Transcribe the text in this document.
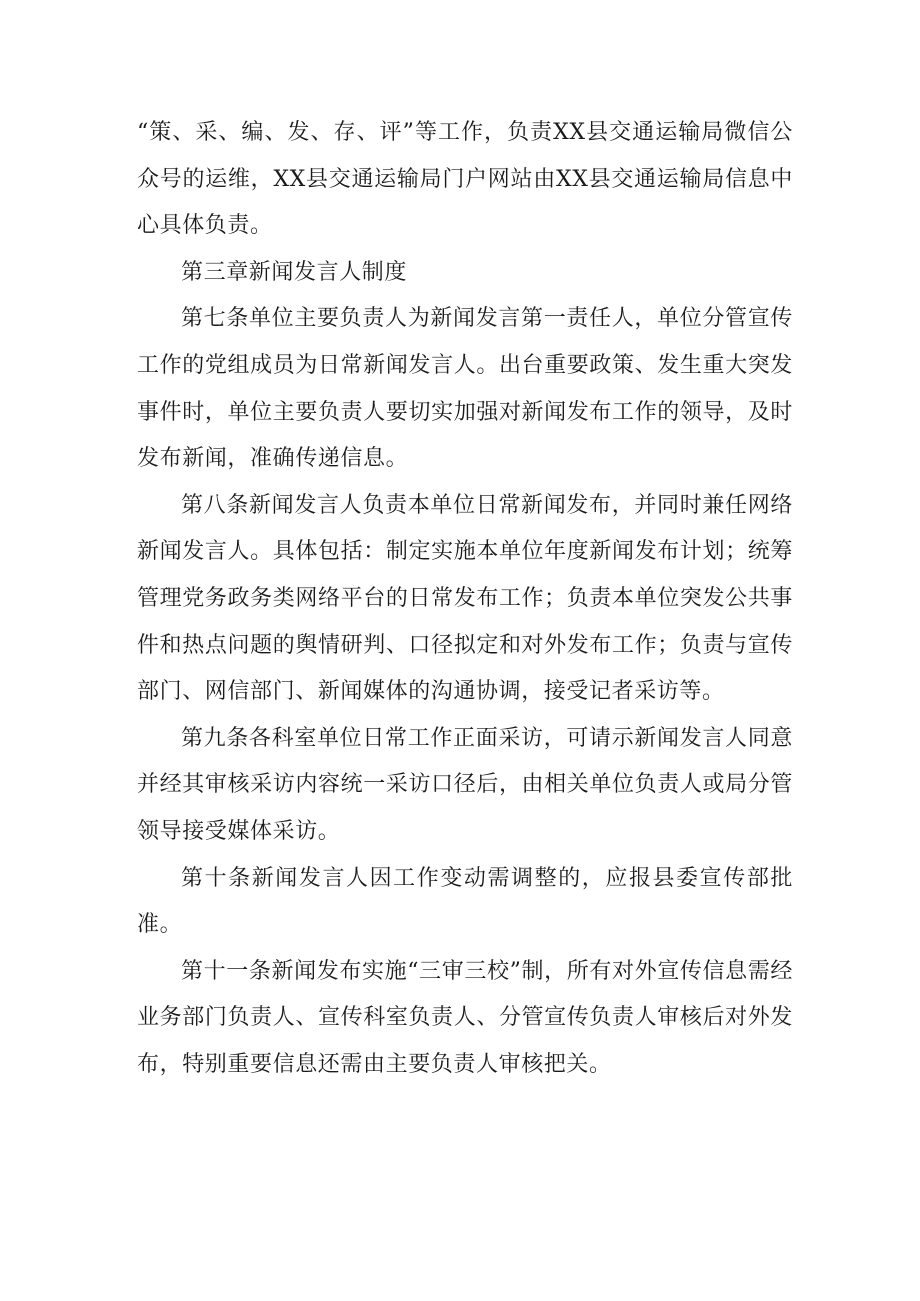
“策、采、编、发、存、评”等工作，负责XX县交通运输局微信公众号的运维，XX县交通运输局门户网站由XX县交通运输局信息中心具体负责。

第三章新闻发言人制度

第七条单位主要负责人为新闻发言第一责任人，单位分管宣传工作的党组成员为日常新闻发言人。出台重要政策、发生重大突发事件时，单位主要负责人要切实加强对新闻发布工作的领导，及时发布新闻，准确传递信息。

第八条新闻发言人负责本单位日常新闻发布，并同时兼任网络新闻发言人。具体包括：制定实施本单位年度新闻发布计划；统筹管理党务政务类网络平台的日常发布工作；负责本单位突发公共事件和热点问题的舆情研判、口径拟定和对外发布工作；负责与宣传部门、网信部门、新闻媒体的沟通协调，接受记者采访等。

第九条各科室单位日常工作正面采访，可请示新闻发言人同意并经其审核采访内容统一采访口径后，由相关单位负责人或局分管领导接受媒体采访。

第十条新闻发言人因工作变动需调整的，应报县委宣传部批准。

第十一条新闻发布实施“三审三校”制，所有对外宣传信息需经业务部门负责人、宣传科室负责人、分管宣传负责人审核后对外发布，特别重要信息还需由主要负责人审核把关。
